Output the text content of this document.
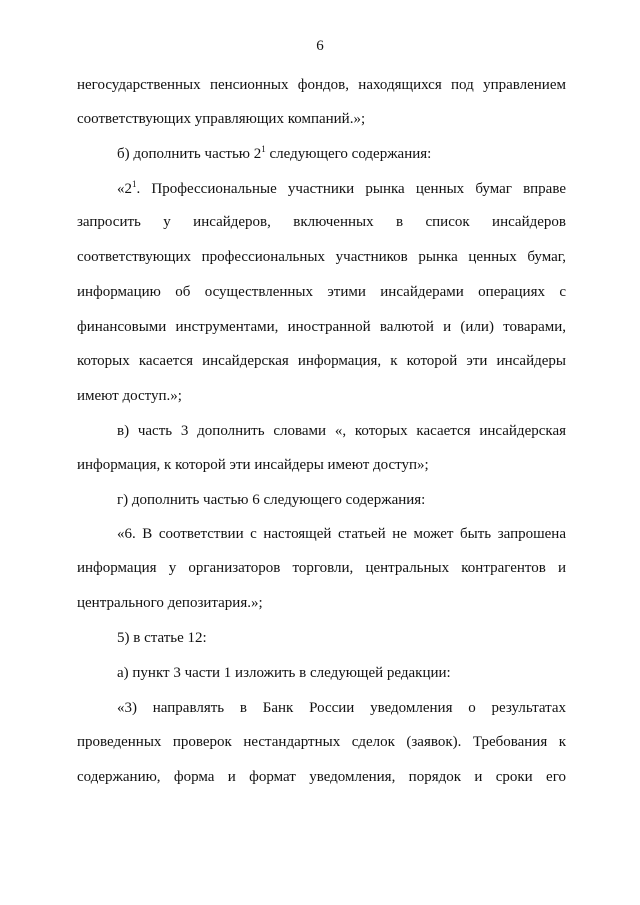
6
негосударственных пенсионных фондов, находящихся под управлением
соответствующих управляющих компаний.»;
б) дополнить частью $2^1$ следующего содержания:
«$2^1$. Профессиональные участники рынка ценных бумаг вправе
запросить у инсайдеров, включенных в список инсайдеров
соответствующих профессиональных участников рынка ценных бумаг,
информацию об осуществленных этими инсайдерами операциях с
финансовыми инструментами, иностранной валютой и (или) товарами,
которых касается инсайдерская информация, к которой эти инсайдеры
имеют доступ.»;
в) часть 3 дополнить словами «, которых касается инсайдерская
информация, к которой эти инсайдеры имеют доступ»;
г) дополнить частью 6 следующего содержания:
«6. В соответствии с настоящей статьей не может быть запрошена
информация у организаторов торговли, центральных контрагентов и
центрального депозитария.»;
5) в статье 12:
а) пункт 3 части 1 изложить в следующей редакции:
«3) направлять в Банк России уведомления о результатах
проведенных проверок нестандартных сделок (заявок). Требования к
содержанию, форма и формат уведомления, порядок и сроки его
